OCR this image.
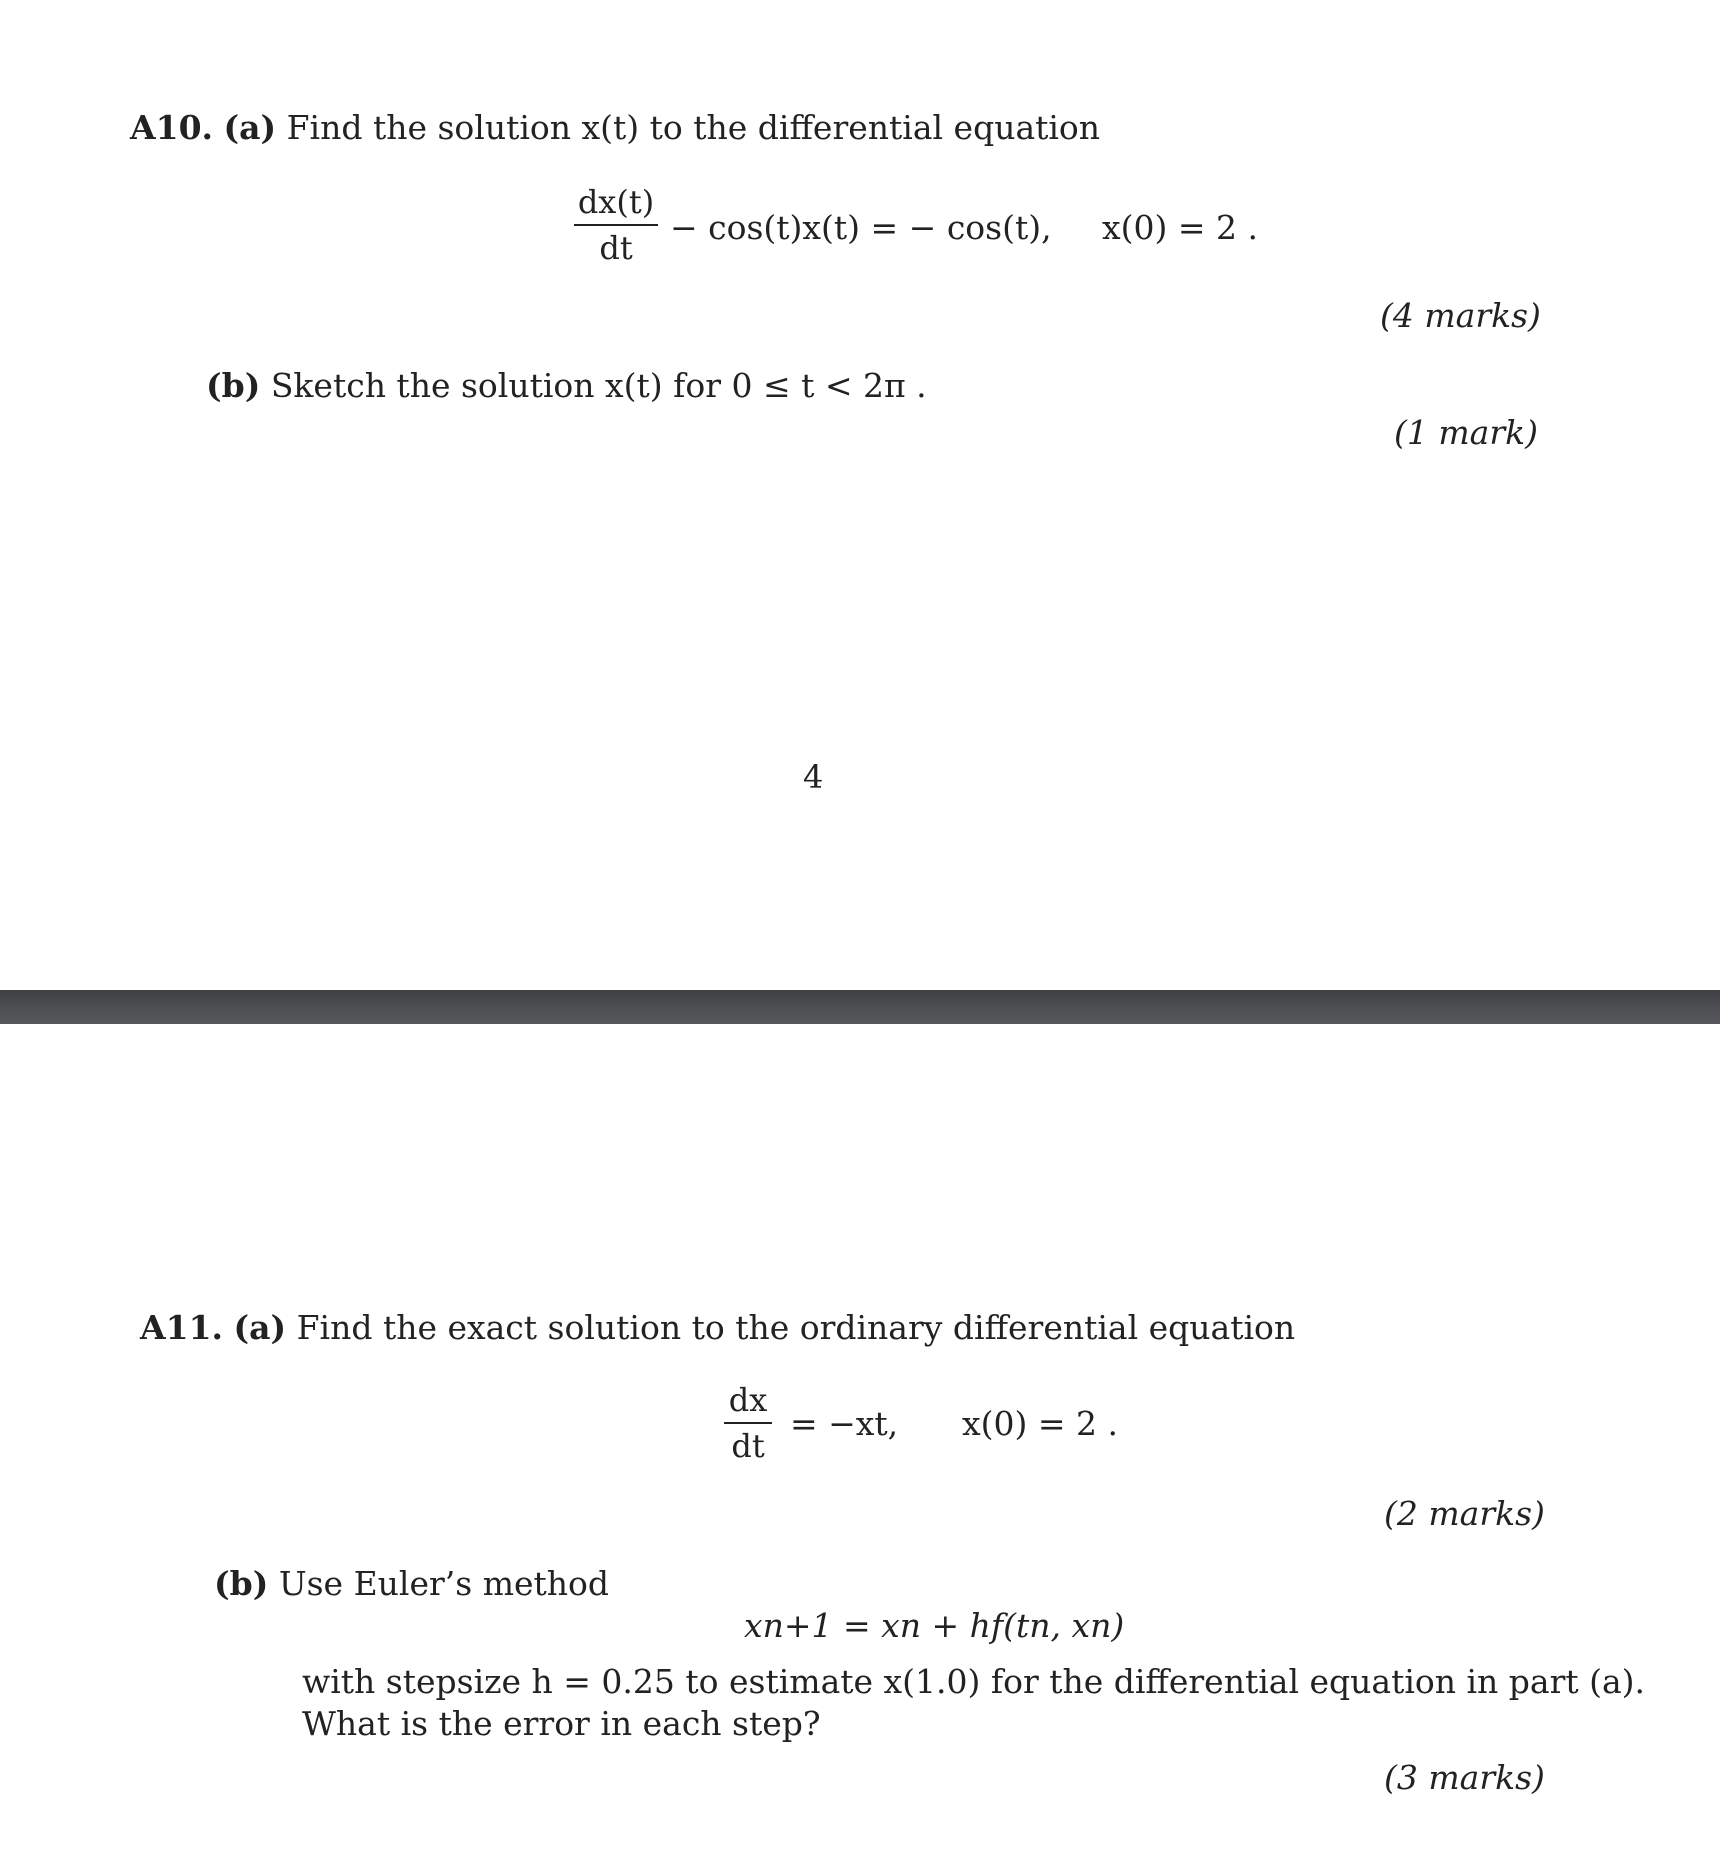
A10. (a) Find the solution x(t) to the differential equation
dx(t)
dt
− cos(t)x(t) = − cos(t), x(0) = 2 .
(4 marks)
(b) Sketch the solution x(t) for 0 ≤ t < 2π .
(1 mark)
4
A11. (a) Find the exact solution to the ordinary differential equation
dx
dt
= −xt, x(0) = 2 .
(2 marks)
(b) Use Euler’s method
xn+1 = xn + hf(tn, xn)
with stepsize h = 0.25 to estimate x(1.0) for the differential equation in part (a).
What is the error in each step?
(3 marks)
